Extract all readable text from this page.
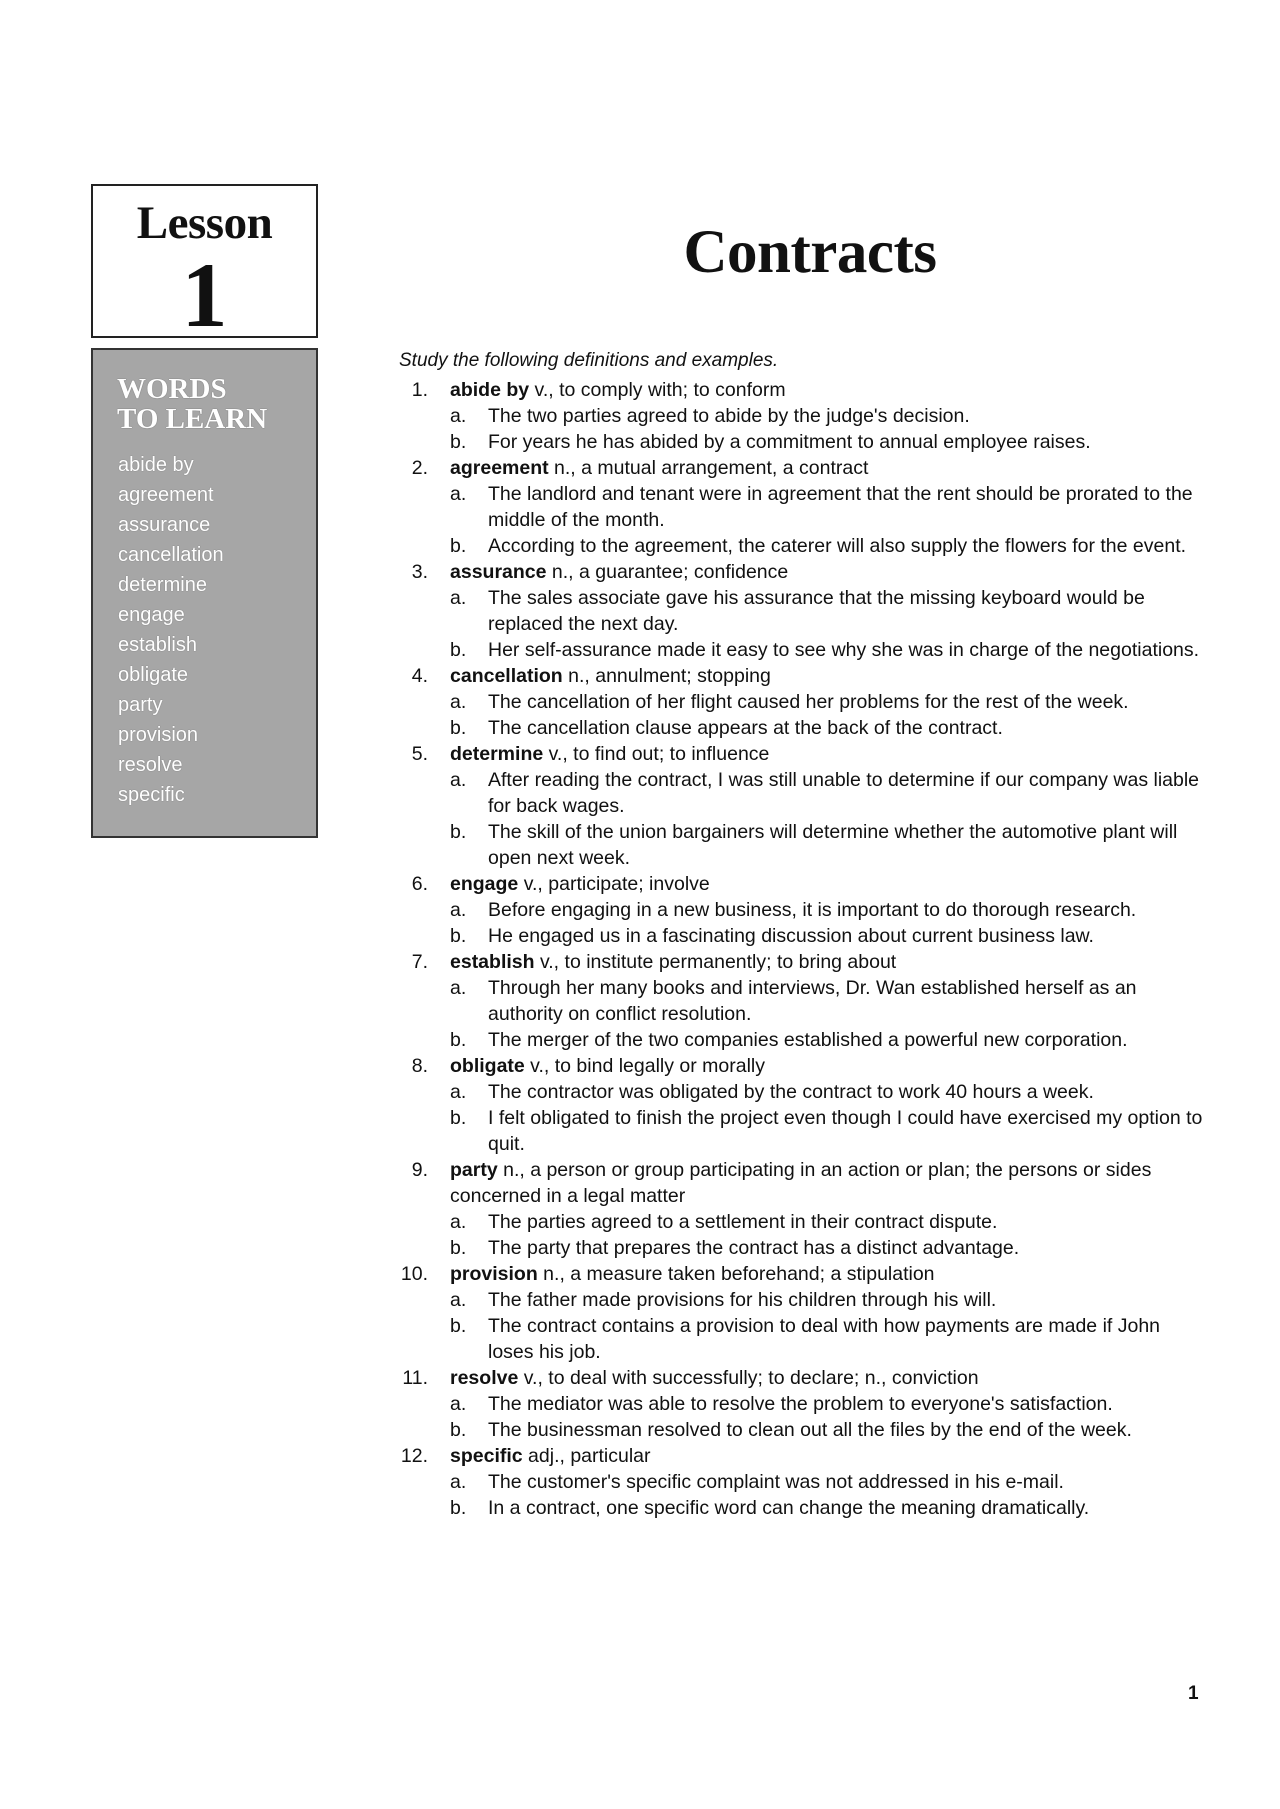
Lesson
1
WORDS
TO LEARN
abide by
agreement
assurance
cancellation
determine
engage
establish
obligate
party
provision
resolve
specific
Contracts
Study the following definitions and examples.
1. abide by v., to comply with; to conform
a. The two parties agreed to abide by the judge's decision.
b. For years he has abided by a commitment to annual employee raises.
2. agreement n., a mutual arrangement, a contract
a. The landlord and tenant were in agreement that the rent should be prorated to the middle of the month.
b. According to the agreement, the caterer will also supply the flowers for the event.
3. assurance n., a guarantee; confidence
a. The sales associate gave his assurance that the missing keyboard would be replaced the next day.
b. Her self-assurance made it easy to see why she was in charge of the negotiations.
4. cancellation n., annulment; stopping
a. The cancellation of her flight caused her problems for the rest of the week.
b. The cancellation clause appears at the back of the contract.
5. determine v., to find out; to influence
a. After reading the contract, I was still unable to determine if our company was liable for back wages.
b. The skill of the union bargainers will determine whether the automotive plant will open next week.
6. engage v., participate; involve
a. Before engaging in a new business, it is important to do thorough research.
b. He engaged us in a fascinating discussion about current business law.
7. establish v., to institute permanently; to bring about
a. Through her many books and interviews, Dr. Wan established herself as an authority on conflict resolution.
b. The merger of the two companies established a powerful new corporation.
8. obligate v., to bind legally or morally
a. The contractor was obligated by the contract to work 40 hours a week.
b. I felt obligated to finish the project even though I could have exercised my option to quit.
9. party n., a person or group participating in an action or plan; the persons or sides concerned in a legal matter
a. The parties agreed to a settlement in their contract dispute.
b. The party that prepares the contract has a distinct advantage.
10. provision n., a measure taken beforehand; a stipulation
a. The father made provisions for his children through his will.
b. The contract contains a provision to deal with how payments are made if John loses his job.
11. resolve v., to deal with successfully; to declare; n., conviction
a. The mediator was able to resolve the problem to everyone's satisfaction.
b. The businessman resolved to clean out all the files by the end of the week.
12. specific adj., particular
a. The customer's specific complaint was not addressed in his e-mail.
b. In a contract, one specific word can change the meaning dramatically.
1
